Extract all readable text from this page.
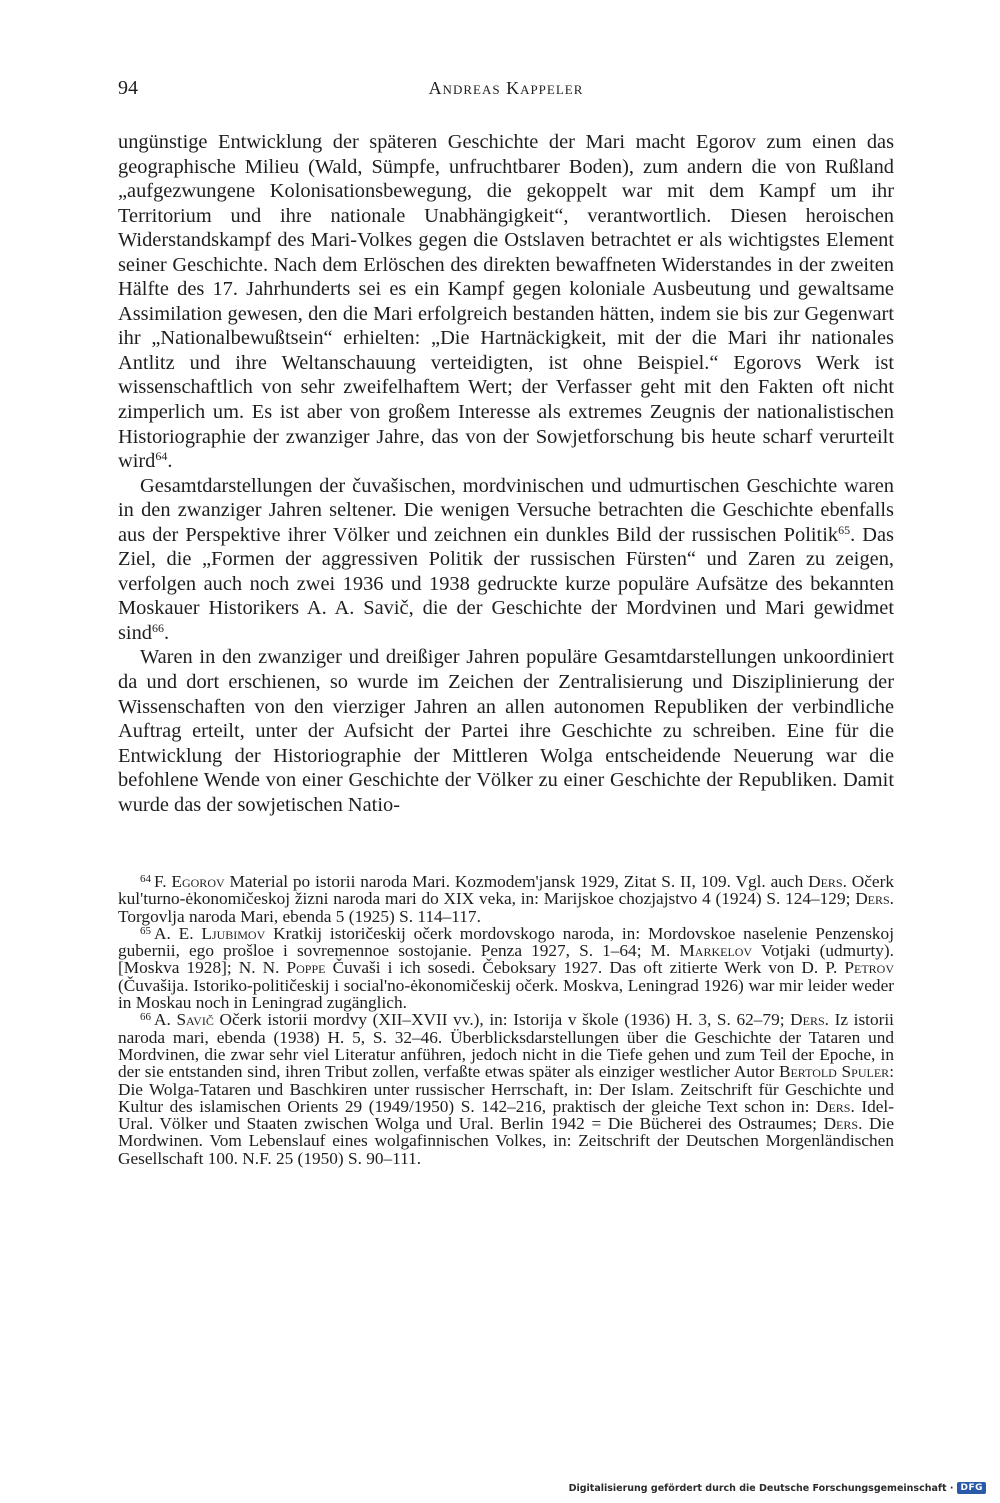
94	Andreas Kappeler

ungünstige Entwicklung der späteren Geschichte der Mari macht Egorov zum einen das geographische Milieu (Wald, Sümpfe, unfruchtbarer Boden), zum andern die von Rußland „aufgezwungene Kolonisationsbewegung, die gekoppelt war mit dem Kampf um ihr Territorium und ihre nationale Unabhängigkeit“, verantwortlich. Diesen heroischen Widerstandskampf des Mari-Volkes gegen die Ostslaven betrachtet er als wichtigstes Element seiner Geschichte. Nach dem Erlöschen des direkten bewaffneten Widerstandes in der zweiten Hälfte des 17. Jahrhunderts sei es ein Kampf gegen koloniale Ausbeutung und gewaltsame Assimilation gewesen, den die Mari erfolgreich bestanden hätten, indem sie bis zur Gegenwart ihr „Nationalbewußtsein“ erhielten: „Die Hartnäckigkeit, mit der die Mari ihr nationales Antlitz und ihre Weltanschauung verteidigten, ist ohne Beispiel.“ Egorovs Werk ist wissenschaftlich von sehr zweifelhaftem Wert; der Verfasser geht mit den Fakten oft nicht zimperlich um. Es ist aber von großem Interesse als extremes Zeugnis der nationalistischen Historiographie der zwanziger Jahre, das von der Sowjetforschung bis heute scharf verurteilt wird$^{64}$.

Gesamtdarstellungen der čuvašischen, mordvinischen und udmurtischen Geschichte waren in den zwanziger Jahren seltener. Die wenigen Versuche betrachten die Geschichte ebenfalls aus der Perspektive ihrer Völker und zeichnen ein dunkles Bild der russischen Politik$^{65}$. Das Ziel, die „Formen der aggressiven Politik der russischen Fürsten“ und Zaren zu zeigen, verfolgen auch noch zwei 1936 und 1938 gedruckte kurze populäre Aufsätze des bekannten Moskauer Historikers A. A. Savič, die der Geschichte der Mordvinen und Mari gewidmet sind$^{66}$.

Waren in den zwanziger und dreißiger Jahren populäre Gesamtdarstellungen unkoordiniert da und dort erschienen, so wurde im Zeichen der Zentralisierung und Disziplinierung der Wissenschaften von den vierziger Jahren an allen autonomen Republiken der verbindliche Auftrag erteilt, unter der Aufsicht der Partei ihre Geschichte zu schreiben. Eine für die Entwicklung der Historiographie der Mittleren Wolga entscheidende Neuerung war die befohlene Wende von einer Geschichte der Völker zu einer Geschichte der Republiken. Damit wurde das der sowjetischen Natio-

$^{64}$ F. Egorov Material po istorii naroda Mari. Kozmodem'jansk 1929, Zitat S. II, 109. Vgl. auch Ders. Očerk kul'turno-ėkonomičeskoj žizni naroda mari do XIX veka, in: Marijskoe chozjajstvo 4 (1924) S. 124–129; Ders. Torgovlja naroda Mari, ebenda 5 (1925) S. 114–117.

$^{65}$ A. E. Ljubimov Kratkij istoričeskij očerk mordovskogo naroda, in: Mordovskoe naselenie Penzenskoj gubernii, ego prošloe i sovremennoe sostojanie. Penza 1927, S. 1–64; M. Markelov Votjaki (udmurty). [Moskva 1928]; N. N. Poppe Čuvaši i ich sosedi. Čeboksary 1927. Das oft zitierte Werk von D. P. Petrov (Čuvašija. Istoriko-političeskij i social'no-ėkonomičeskij očerk. Moskva, Leningrad 1926) war mir leider weder in Moskau noch in Leningrad zugänglich.

$^{66}$ A. Savič Očerk istorii mordvy (XII–XVII vv.), in: Istorija v škole (1936) H. 3, S. 62–79; Ders. Iz istorii naroda mari, ebenda (1938) H. 5, S. 32–46. Überblicksdarstellungen über die Geschichte der Tataren und Mordvinen, die zwar sehr viel Literatur anführen, jedoch nicht in die Tiefe gehen und zum Teil der Epoche, in der sie entstanden sind, ihren Tribut zollen, verfaßte etwas später als einziger westlicher Autor Bertold Spuler: Die Wolga-Tataren und Baschkiren unter russischer Herrschaft, in: Der Islam. Zeitschrift für Geschichte und Kultur des islamischen Orients 29 (1949/1950) S. 142–216, praktisch der gleiche Text schon in: Ders. Idel-Ural. Völker und Staaten zwischen Wolga und Ural. Berlin 1942 = Die Bücherei des Ostraumes; Ders. Die Mordwinen. Vom Lebenslauf eines wolgafinnischen Volkes, in: Zeitschrift der Deutschen Morgenländischen Gesellschaft 100. N.F. 25 (1950) S. 90–111.

Digitalisierung gefördert durch die Deutsche Forschungsgemeinschaft · DFG
